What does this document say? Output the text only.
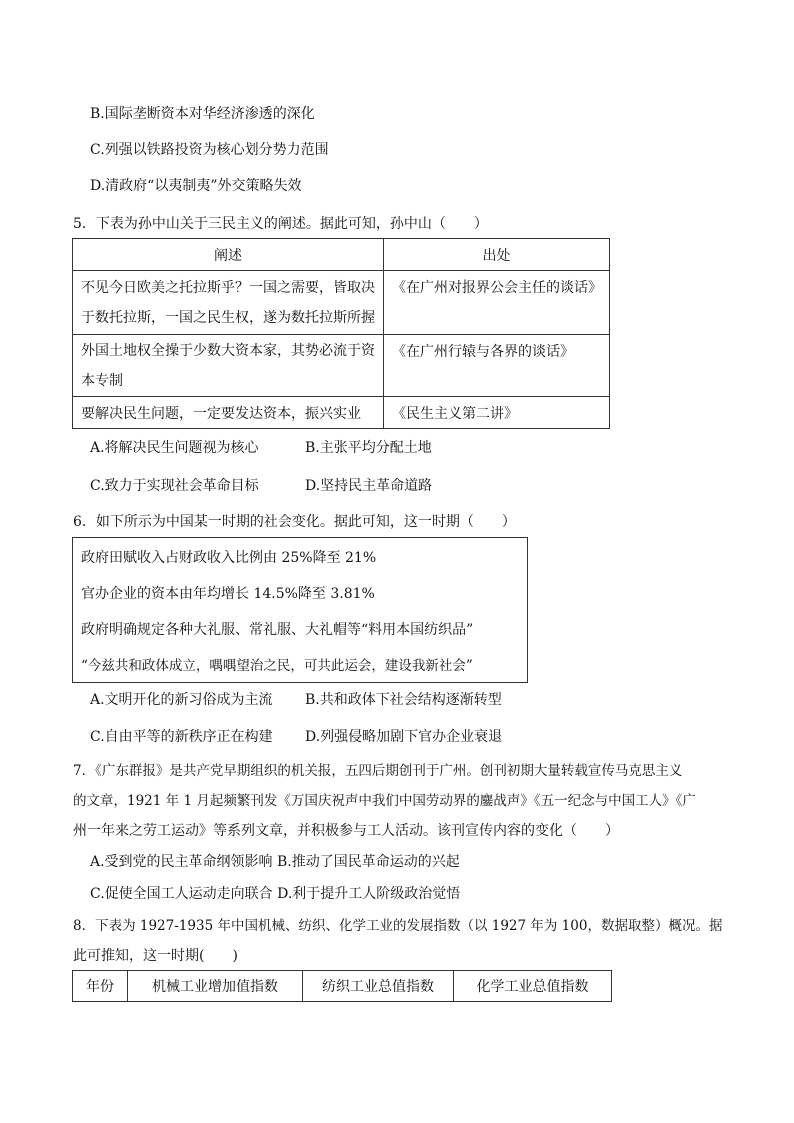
B.国际垄断资本对华经济渗透的深化
C.列强以铁路投资为核心划分势力范围
D.清政府“以夷制夷”外交策略失效
5．下表为孙中山关于三民主义的阐述。据此可知，孙中山（　　）
阐述	出处

不见今日欧美之托拉斯乎？一国之需要，皆取决
于数托拉斯，一国之民生权，遂为数托拉斯所握	《在广州对报界公会主任的谈话》

外国土地权全操于少数大资本家，其势必流于资
本专制	《在广州行辕与各界的谈话》

要解决民生问题，一定要发达资本，振兴实业	《民生主义第二讲》
A.将解决民生问题视为核心	B.主张平均分配土地
C.致力于实现社会革命目标	D.坚持民主革命道路
6．如下所示为中国某一时期的社会变化。据此可知，这一时期（　　）
政府田赋收入占财政收入比例由 25%降至 21%
官办企业的资本由年均增长 14.5%降至 3.81%
政府明确规定各种大礼服、常礼服、大礼帽等“料用本国纺织品”
“今兹共和政体成立，喁喁望治之民，可共此运会，建设我新社会”
A.文明开化的新习俗成为主流 B.共和政体下社会结构逐渐转型
C.自由平等的新秩序正在构建 D.列强侵略加剧下官办企业衰退
7．《广东群报》是共产党早期组织的机关报，五四后期创刊于广州。创刊初期大量转载宣传马克思主义
的文章，1921 年 1 月起频繁刊发《万国庆祝声中我们中国劳动界的鏖战声》《五一纪念与中国工人》《广
州一年来之劳工运动》等系列文章，并积极参与工人活动。该刊宣传内容的变化（　　）
A.受到党的民主革命纲领影响 B.推动了国民革命运动的兴起
C.促使全国工人运动走向联合 D.利于提升工人阶级政治觉悟
8．下表为 1927-1935 年中国机械、纺织、化学工业的发展指数（以 1927 年为 100，数据取整）概况。据
此可推知，这一时期(　　)
年份	机械工业增加值指数	纺织工业总值指数	化学工业总值指数
